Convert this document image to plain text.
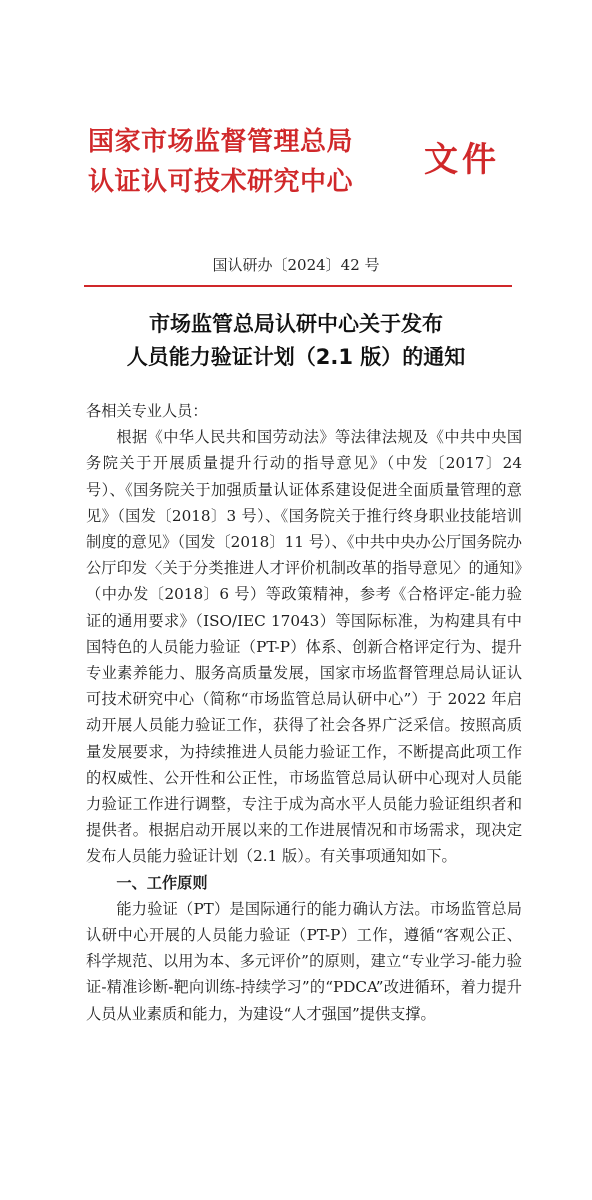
国家市场监督管理总局
认证认可技术研究中心
文件
国认研办〔2024〕42 号
市场监管总局认研中心关于发布
人员能力验证计划（2.1 版）的通知

各相关专业人员：

根据《中华人民共和国劳动法》等法律法规及《中共中央国务院关于开展质量提升行动的指导意见》（中发〔2017〕24 号）、《国务院关于加强质量认证体系建设促进全面质量管理的意见》（国发〔2018〕3 号）、《国务院关于推行终身职业技能培训制度的意见》（国发〔2018〕11 号）、《中共中央办公厅国务院办公厅印发〈关于分类推进人才评价机制改革的指导意见〉的通知》（中办发〔2018〕6 号）等政策精神，参考《合格评定-能力验证的通用要求》（ISO/IEC 17043）等国际标准，为构建具有中国特色的人员能力验证（PT-P）体系、创新合格评定行为、提升专业素养能力、服务高质量发展，国家市场监督管理总局认证认可技术研究中心（简称“市场监管总局认研中心”）于 2022 年启动开展人员能力验证工作，获得了社会各界广泛采信。按照高质量发展要求，为持续推进人员能力验证工作，不断提高此项工作的权威性、公开性和公正性，市场监管总局认研中心现对人员能力验证工作进行调整，专注于成为高水平人员能力验证组织者和提供者。根据启动开展以来的工作进展情况和市场需求，现决定发布人员能力验证计划（2.1 版）。有关事项通知如下。

一、工作原则

能力验证（PT）是国际通行的能力确认方法。市场监管总局认研中心开展的人员能力验证（PT-P）工作，遵循“客观公正、科学规范、以用为本、多元评价”的原则，建立“专业学习-能力验证-精准诊断-靶向训练-持续学习”的“PDCA”改进循环，着力提升人员从业素质和能力，为建设“人才强国”提供支撑。
